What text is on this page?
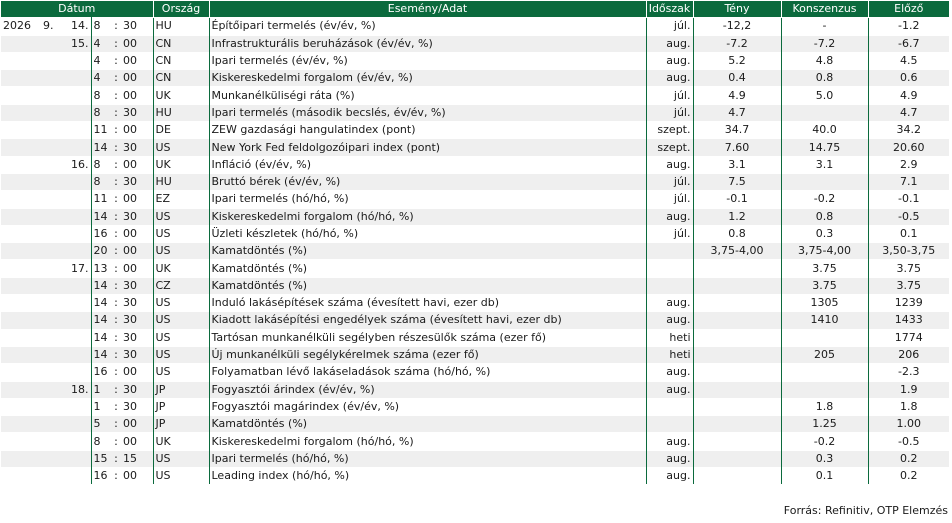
Dátum						Ország	Esemény/Adat	Időszak	Tény	Konszenzus	Előző
2026	9.	14.	8	:	30	HU	Építőipari termelés (év/év, %)	júl.	-12,2	-	-1.2
		15.	4	:	00	CN	Infrastrukturális beruházások (év/év, %)	aug.	-7.2	-7.2	-6.7
			4	:	00	CN	Ipari termelés (év/év, %)	aug.	5.2	4.8	4.5
			4	:	00	CN	Kiskereskedelmi forgalom (év/év, %)	aug.	0.4	0.8	0.6
			8	:	00	UK	Munkanélküliségi ráta (%)	júl.	4.9	5.0	4.9
			8	:	30	HU	Ipari termelés (második becslés, év/év, %)	júl.	4.7		4.7
			11	:	00	DE	ZEW gazdasági hangulatindex (pont)	szept.	34.7	40.0	34.2
			14	:	30	US	New York Fed feldolgozóipari index (pont)	szept.	7.60	14.75	20.60
		16.	8	:	00	UK	Infláció (év/év, %)	aug.	3.1	3.1	2.9
			8	:	30	HU	Bruttó bérek (év/év, %)	júl.	7.5		7.1
			11	:	00	EZ	Ipari termelés (hó/hó, %)	júl.	-0.1	-0.2	-0.1
			14	:	30	US	Kiskereskedelmi forgalom (hó/hó, %)	aug.	1.2	0.8	-0.5
			16	:	00	US	Üzleti készletek (hó/hó, %)	júl.	0.8	0.3	0.1
			20	:	00	US	Kamatdöntés (%)		3,75-4,00	3,75-4,00	3,50-3,75
		17.	13	:	00	UK	Kamatdöntés (%)			3.75	3.75
			14	:	30	CZ	Kamatdöntés (%)			3.75	3.75
			14	:	30	US	Induló lakásépítések száma (évesített havi, ezer db)	aug.		1305	1239
			14	:	30	US	Kiadott lakásépítési engedélyek száma (évesített havi, ezer db)	aug.		1410	1433
			14	:	30	US	Tartósan munkanélküli segélyben részesülők száma (ezer fő)	heti			1774
			14	:	30	US	Új munkanélküli segélykérelmek száma (ezer fő)	heti		205	206
			16	:	00	US	Folyamatban lévő lakáseladások száma (hó/hó, %)	aug.			-2.3
		18.	1	:	30	JP	Fogyasztói árindex (év/év, %)	aug.			1.9
			1	:	30	JP	Fogyasztói magárindex (év/év, %)			1.8	1.8
			5	:	00	JP	Kamatdöntés (%)			1.25	1.00
			8	:	00	UK	Kiskereskedelmi forgalom (hó/hó, %)	aug.		-0.2	-0.5
			15	:	15	US	Ipari termelés (hó/hó, %)	aug.		0.3	0.2
			16	:	00	US	Leading index (hó/hó, %)	aug.		0.1	0.2
Forrás: Refinitiv, OTP Elemzés
